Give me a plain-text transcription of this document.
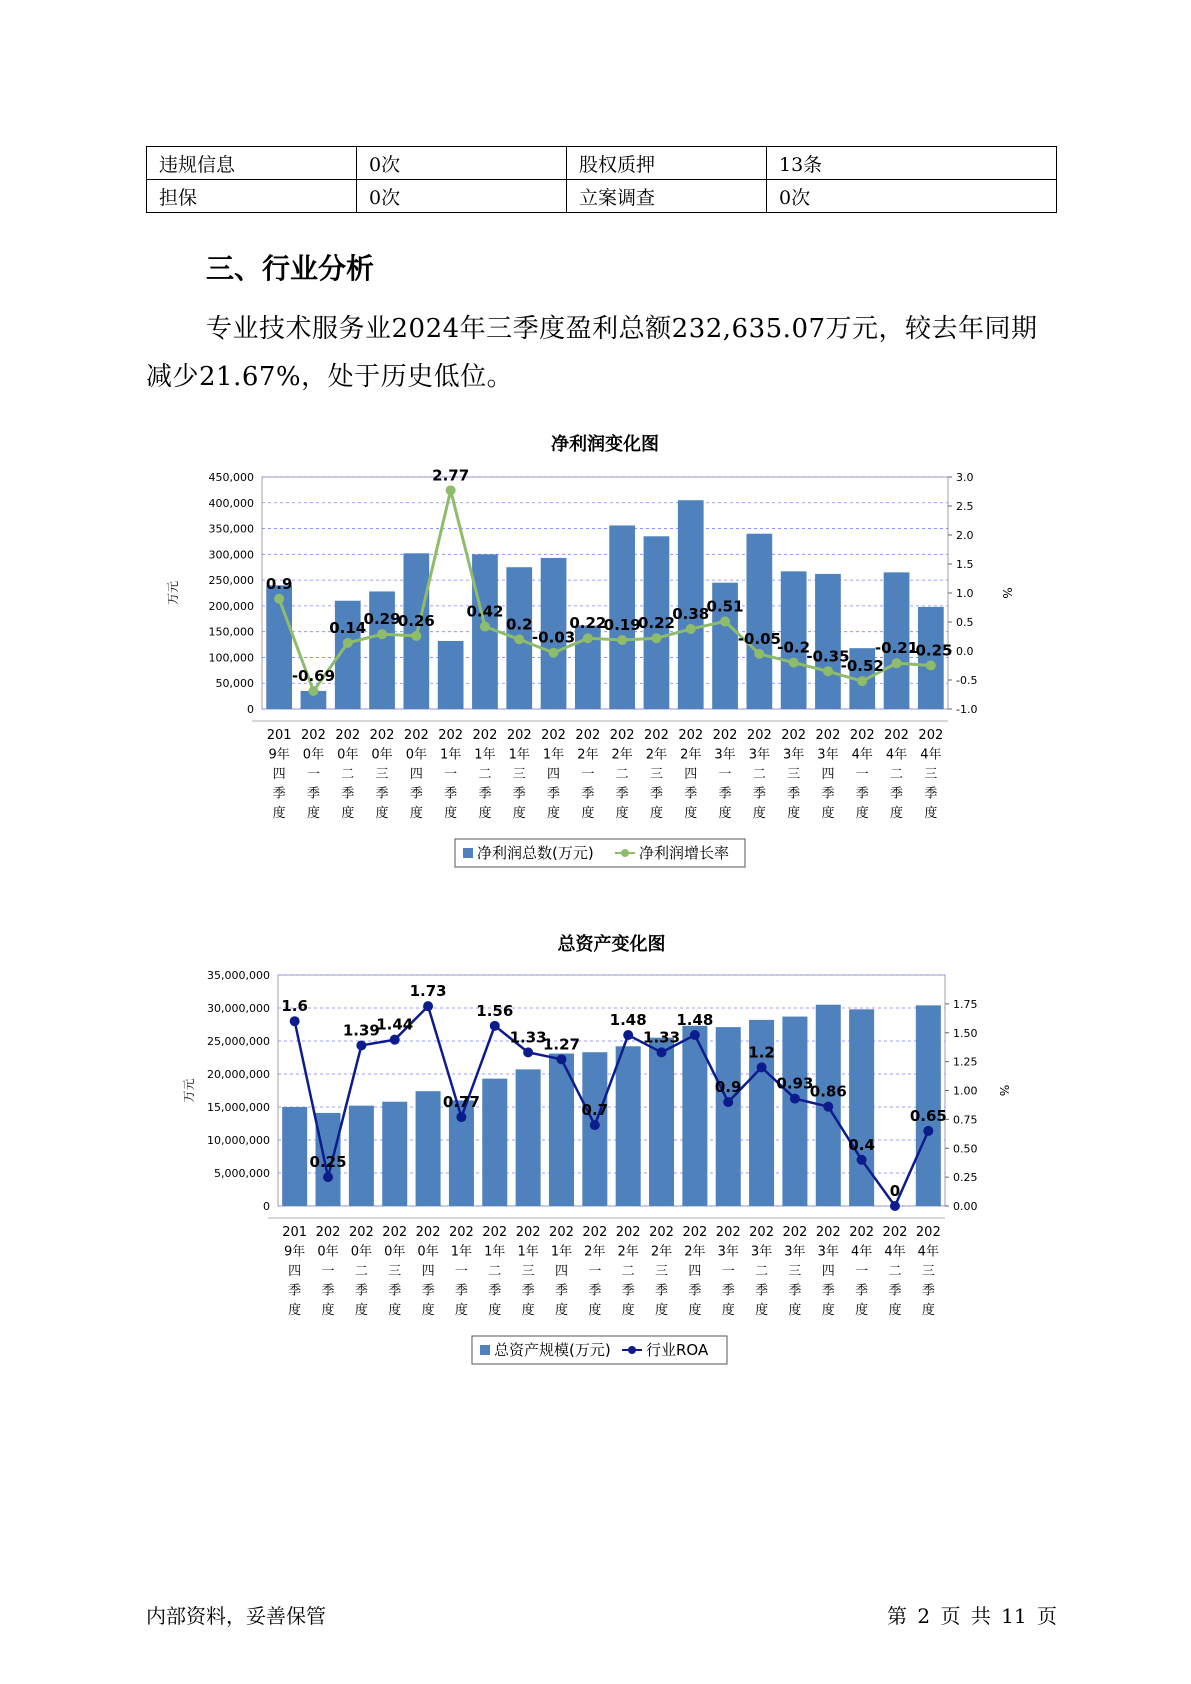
违规信息	0次	股权质押	13条
担保	0次	立案调查	0次
三、行业分析

专业技术服务业2024年三季度盈利总额232,635.07万元，较去年同期减少21.67%，处于历史低位。

净利润变化图
0
50,000
100,000
150,000
200,000
250,000
300,000
350,000
400,000
450,000
-1.0
-0.5
0.0
0.5
1.0
1.5
2.0
2.5
3.0
万元	%
0.9
-0.69
0.14
0.29
0.26
2.77
0.42
0.2
-0.03
0.22
0.19
0.22
0.38
0.51
-0.05
-0.2
-0.35
-0.52
-0.21
-0.25
201 9年四季度
202 0年一季度
202 0年二季度
202 0年三季度
202 0年四季度
202 1年一季度
202 1年二季度
202 1年三季度
202 1年四季度
202 2年一季度
202 2年二季度
202 2年三季度
202 2年四季度
202 3年一季度
202 3年二季度
202 3年三季度
202 3年四季度
202 4年一季度
202 4年二季度
202 4年三季度
净利润总数(万元)	净利润增长率
总资产变化图
0
5,000,000
10,000,000
15,000,000
20,000,000
25,000,000
30,000,000
35,000,000
0.00
0.25
0.50
0.75
1.00
1.25
1.50
1.75
万元	%
1.6
0.25
1.39
1.44
1.73
0.77
1.56
1.33
1.27
0.7
1.48
1.33
1.48
0.9
1.2
0.93
0.86
0.4
0
0.65
201 9年四季度
202 0年一季度
202 0年二季度
202 0年三季度
202 0年四季度
202 1年一季度
202 1年二季度
202 1年三季度
202 1年四季度
202 2年一季度
202 2年二季度
202 2年三季度
202 2年四季度
202 3年一季度
202 3年二季度
202 3年三季度
202 3年四季度
202 4年一季度
202 4年二季度
202 4年三季度
总资产规模(万元) 行业ROA
内部资料，妥善保管	第 2 页 共 11 页
